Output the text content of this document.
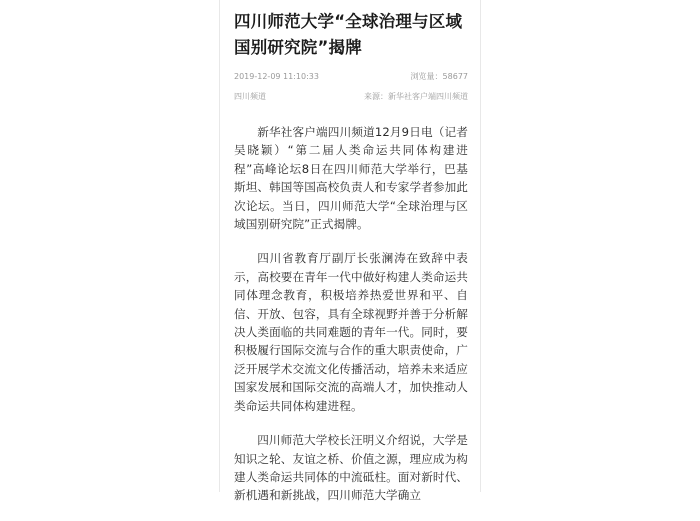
四川师范大学“全球治理与区域国别研究院”揭牌
2019-12-09 11:10:33	浏览量：58677
四川频道	来源：新华社客户端四川频道

新华社客户端四川频道12月9日电（记者吴晓颖）“第二届人类命运共同体构建进程”高峰论坛8日在四川师范大学举行，巴基斯坦、韩国等国高校负责人和专家学者参加此次论坛。当日，四川师范大学“全球治理与区域国别研究院”正式揭牌。

四川省教育厅副厅长张澜涛在致辞中表示，高校要在青年一代中做好构建人类命运共同体理念教育，积极培养热爱世界和平、自信、开放、包容，具有全球视野并善于分析解决人类面临的共同难题的青年一代。同时，要积极履行国际交流与合作的重大职责使命，广泛开展学术交流文化传播活动，培养未来适应国家发展和国际交流的高端人才，加快推动人类命运共同体构建进程。

四川师范大学校长汪明义介绍说，大学是知识之轮、友谊之桥、价值之源，理应成为构建人类命运共同体的中流砥柱。面对新时代、新机遇和新挑战，四川师范大学确立
